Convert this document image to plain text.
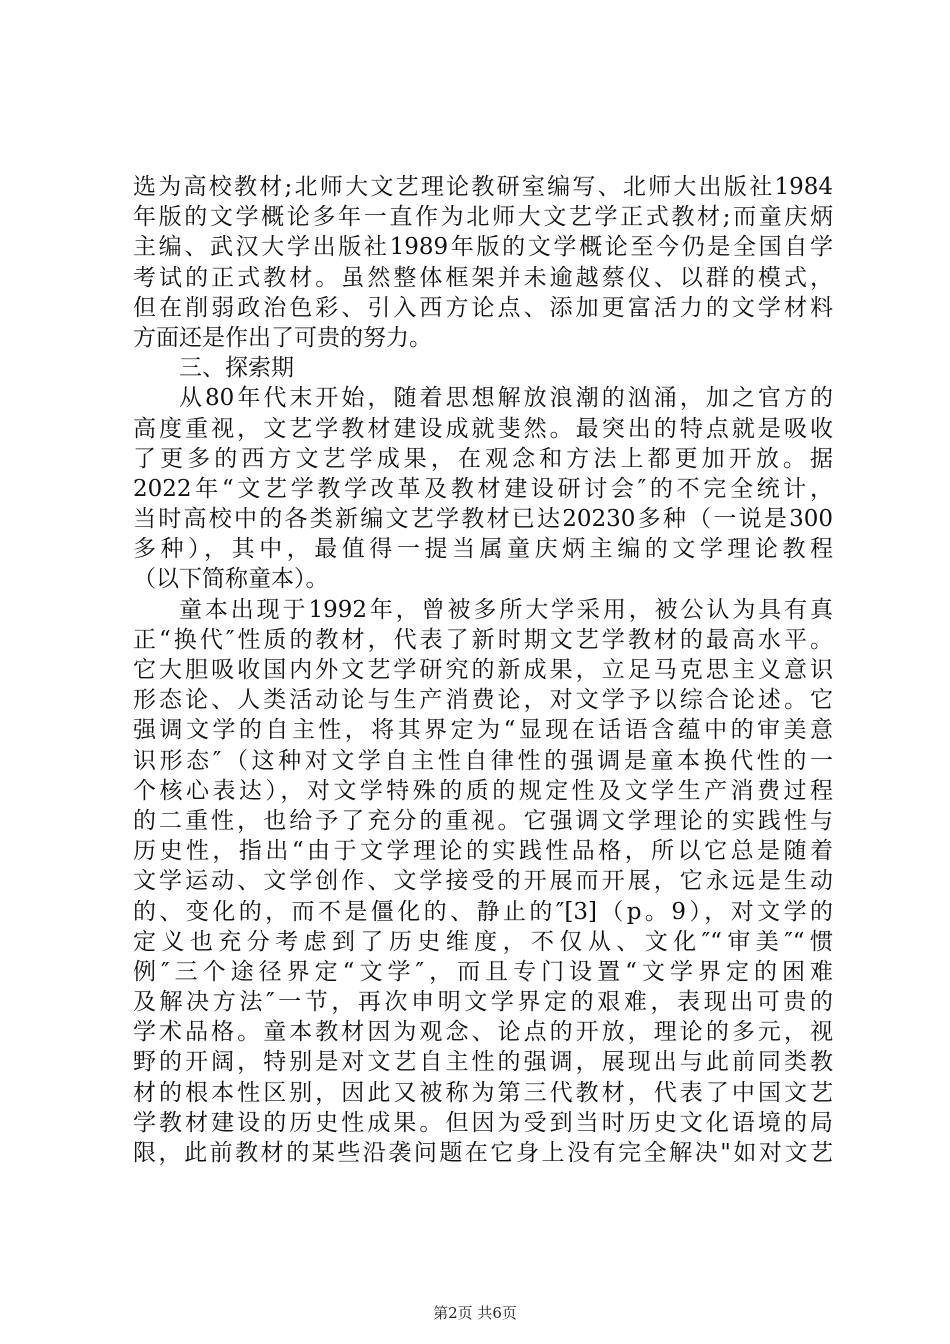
选为高校教材;北师大文艺理论教研室编写、北师大出版社1984
年版的文学概论多年一直作为北师大文艺学正式教材;而童庆炳
主编、武汉大学出版社1989年版的文学概论至今仍是全国自学
考试的正式教材。虽然整体框架并未逾越蔡仪、以群的模式，
但在削弱政治色彩、引入西方论点、添加更富活力的文学材料
方面还是作出了可贵的努力。
三、探索期
从80年代末开始，随着思想解放浪潮的汹涌，加之官方的
高度重视，文艺学教材建设成就斐然。最突出的特点就是吸收
了更多的西方文艺学成果，在观念和方法上都更加开放。据
2022年“文艺学教学改革及教材建设研讨会″的不完全统计，
当时高校中的各类新编文艺学教材已达20230多种（一说是300
多种），其中，最值得一提当属童庆炳主编的文学理论教程
（以下简称童本）。
童本出现于1992年，曾被多所大学采用，被公认为具有真
正“换代″性质的教材，代表了新时期文艺学教材的最高水平。
它大胆吸收国内外文艺学研究的新成果，立足马克思主义意识
形态论、人类活动论与生产消费论，对文学予以综合论述。它
强调文学的自主性，将其界定为“显现在话语含蕴中的审美意
识形态″（这种对文学自主性自律性的强调是童本换代性的一
个核心表达），对文学特殊的质的规定性及文学生产消费过程
的二重性，也给予了充分的重视。它强调文学理论的实践性与
历史性，指出“由于文学理论的实践性品格，所以它总是随着
文学运动、文学创作、文学接受的开展而开展，它永远是生动
的、变化的，而不是僵化的、静止的″[3]（p。9），对文学的
定义也充分考虑到了历史维度，不仅从、文化″“审美″“惯
例″三个途径界定“文学″，而且专门设置“文学界定的困难
及解决方法″一节，再次申明文学界定的艰难，表现出可贵的
学术品格。童本教材因为观念、论点的开放，理论的多元，视
野的开阔，特别是对文艺自主性的强调，展现出与此前同类教
材的根本性区别，因此又被称为第三代教材，代表了中国文艺
学教材建设的历史性成果。但因为受到当时历史文化语境的局
限，此前教材的某些沿袭问题在它身上没有完全解决"如对文艺
第2页 共6页
